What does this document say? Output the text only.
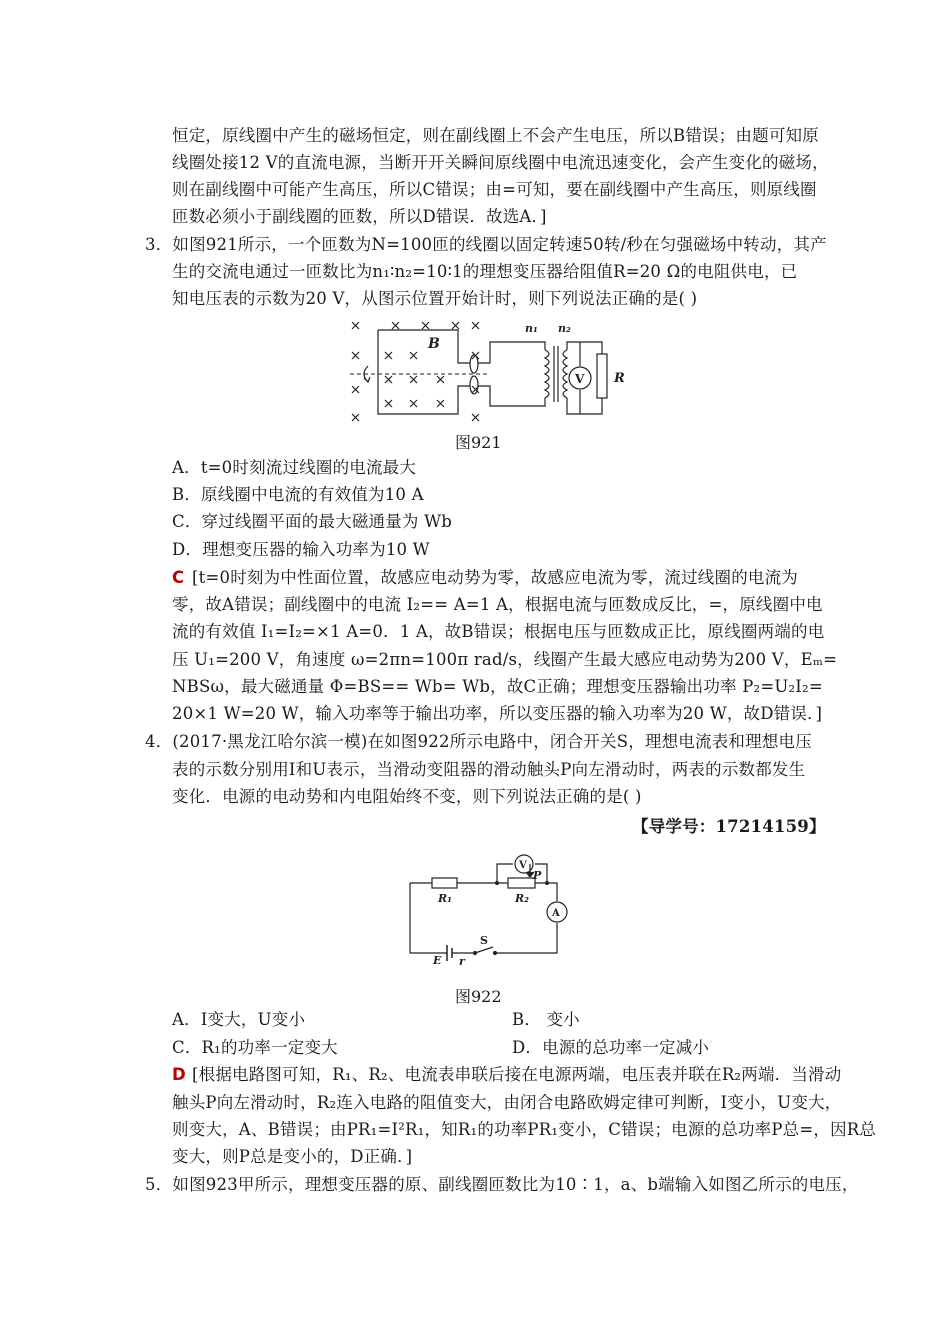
恒定，原线圈中产生的磁场恒定，则在副线圈上不会产生电压，所以B错误；由题可知原
线圈处接12 V的直流电源，当断开开关瞬间原线圈中电流迅速变化，会产生变化的磁场，
则在副线圈中可能产生高压，所以C错误；由=可知，要在副线圈中产生高压，则原线圈
匝数必须小于副线圈的匝数，所以D错误．故选A．]
3．如图921所示，一个匝数为N=100匝的线圈以固定转速50转/秒在匀强磁场中转动，其产
生的交流电通过一匝数比为n₁∶n₂=10∶1的理想变压器给阻值R=20 Ω的电阻供电，已
知电压表的示数为20 V，从图示位置开始计时，则下列说法正确的是( )
B
n₁ n₂
V R
图921
A．t=0时刻流过线圈的电流最大
B．原线圈中电流的有效值为10 A
C．穿过线圈平面的最大磁通量为 Wb
D．理想变压器的输入功率为10 W
C [t=0时刻为中性面位置，故感应电动势为零，故感应电流为零，流过线圈的电流为
零，故A错误；副线圈中的电流 I₂== A=1 A，根据电流与匝数成反比，=，原线圈中电
流的有效值 I₁=I₂=×1 A=0．1 A，故B错误；根据电压与匝数成正比，原线圈两端的电
压 U₁=200 V，角速度 ω=2πn=100π rad/s，线圈产生最大感应电动势为200 V，Eₘ=
NBSω，最大磁通量 Φ=BS== Wb= Wb，故C正确；理想变压器输出功率 P₂=U₂I₂=
20×1 W=20 W，输入功率等于输出功率，所以变压器的输入功率为20 W，故D错误．]
4．(2017·黑龙江哈尔滨一模)在如图922所示电路中，闭合开关S，理想电流表和理想电压
表的示数分别用I和U表示，当滑动变阻器的滑动触头P向左滑动时，两表的示数都发生
变化．电源的电动势和内电阻始终不变，则下列说法正确的是( )
【导学号：17214159】
R₁	R₂
V
P
A
S
E r
图922
A．I变大，U变小	B． 变小
C．R₁的功率一定变大	D．电源的总功率一定减小
D [根据电路图可知，R₁、R₂、电流表串联后接在电源两端，电压表并联在R₂两端．当滑动
触头P向左滑动时，R₂连入电路的阻值变大，由闭合电路欧姆定律可判断，I变小，U变大，
则变大，A、B错误；由PR₁=I²R₁，知R₁的功率PR₁变小，C错误；电源的总功率P总=，因R总
变大，则P总是变小的，D正确．]
5．如图923甲所示，理想变压器的原、副线圈匝数比为10∶1，a、b端输入如图乙所示的电压，
